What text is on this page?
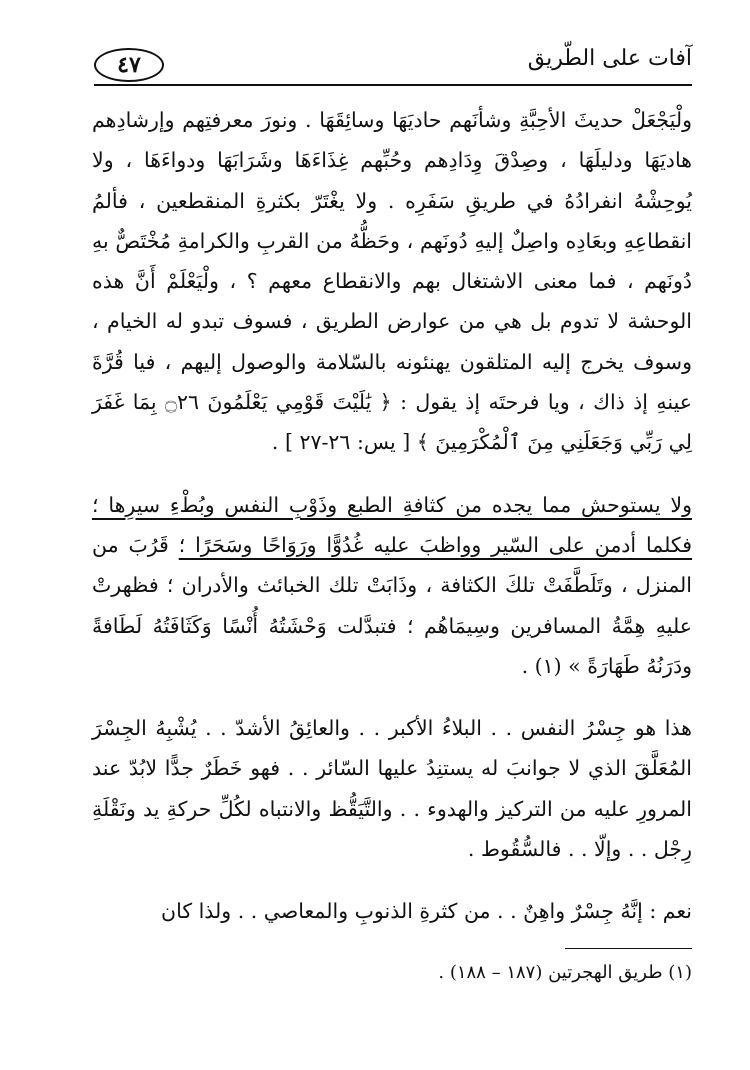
٤٧	آفات على الطّريق

ولْيَجْعَلْ حديثَ الأحِبَّةِ وشأنَهم حاديَهَا وسائِقَهَا . ونورَ معرفتِهم وإرشادِهم هاديَهَا ودليلَهَا ، وصِدْقَ وِدَادِهم وحُبِّهم غِذَاءَهَا وشَرَابَهَا ودواءَهَا ، ولا يُوحِشْهُ انفرادُهُ في طريقِ سَفَرِه . ولا يغْتَرّ بكثرةِ المنقطعين ، فألمُ انقطاعِهِ وبعَادِه واصِلٌ إليهِ دُونَهم ، وحَظُّهُ من القربِ والكرامةِ مُخْتَصٌّ بهِ دُونَهم ، فما معنى الاشتغال بهم والانقطاع معهم ؟ ، ولْيَعْلَمْ أَنَّ هذه الوحشة لا تدوم بل هي من عوارض الطريق ، فسوف تبدو له الخيام ، وسوف يخرج إليه المتلقون يهنئونه بالسّلامة والوصول إليهم ، فيا قُرَّةَ عينهِ إذ ذاك ، ويا فرحتَه إذ يقول : ﴿ يَٰلَيْتَ قَوْمِي يَعْلَمُونَ ۝٢٦ بِمَا غَفَرَ لِي رَبِّي وَجَعَلَنِي مِنَ ٱلْمُكْرَمِينَ ﴾ [ يس: ٢٦-٢٧ ] .

ولا يستوحش مما يجده من كثافةِ الطبع وذَوْبِ النفس وبُطْءِ سيرِها ؛ فكلما أدمن على السّير وواظبَ عليه غُدُوًّا ورَوَاحًا وسَحَرًا ؛ قَرُبَ من المنزل ، وتَلَطَّفَتْ تلكَ الكثافة ، وذَابَتْ تلك الخبائث والأدران ؛ فظهرتْ عليهِ هِمَّةُ المسافرين وسِيمَاهُم ؛ فتبدَّلت وَحْشَتُهُ أُنْسًا وَكَثَافَتُهُ لَطَافةً ودَرَنُهُ طَهَارَةً » (١) .

هذا هو جِسْرُ النفس . . البلاءُ الأكبر . . والعائِقُ الأشدّ . . يُشْبِهُ الجِسْرَ المُعَلَّقَ الذي لا جوانبَ له يستنِدُ عليها السّائر . . فهو خَطَرٌ جدًّا لابُدّ عند المرورِ عليه من التركيز والهدوء . . والتَّيَقُّظ والانتباه لكُلِّ حركةِ يد ونَقْلَةِ رِجْل . . وإلّا . . فالسُّقُوط .

نعم : إنَّهُ جِسْرٌ واهِنٌ . . من كثرةِ الذنوبِ والمعاصي . . ولذا كان

(١) طريق الهجرتين (١٨٧ – ١٨٨) .
